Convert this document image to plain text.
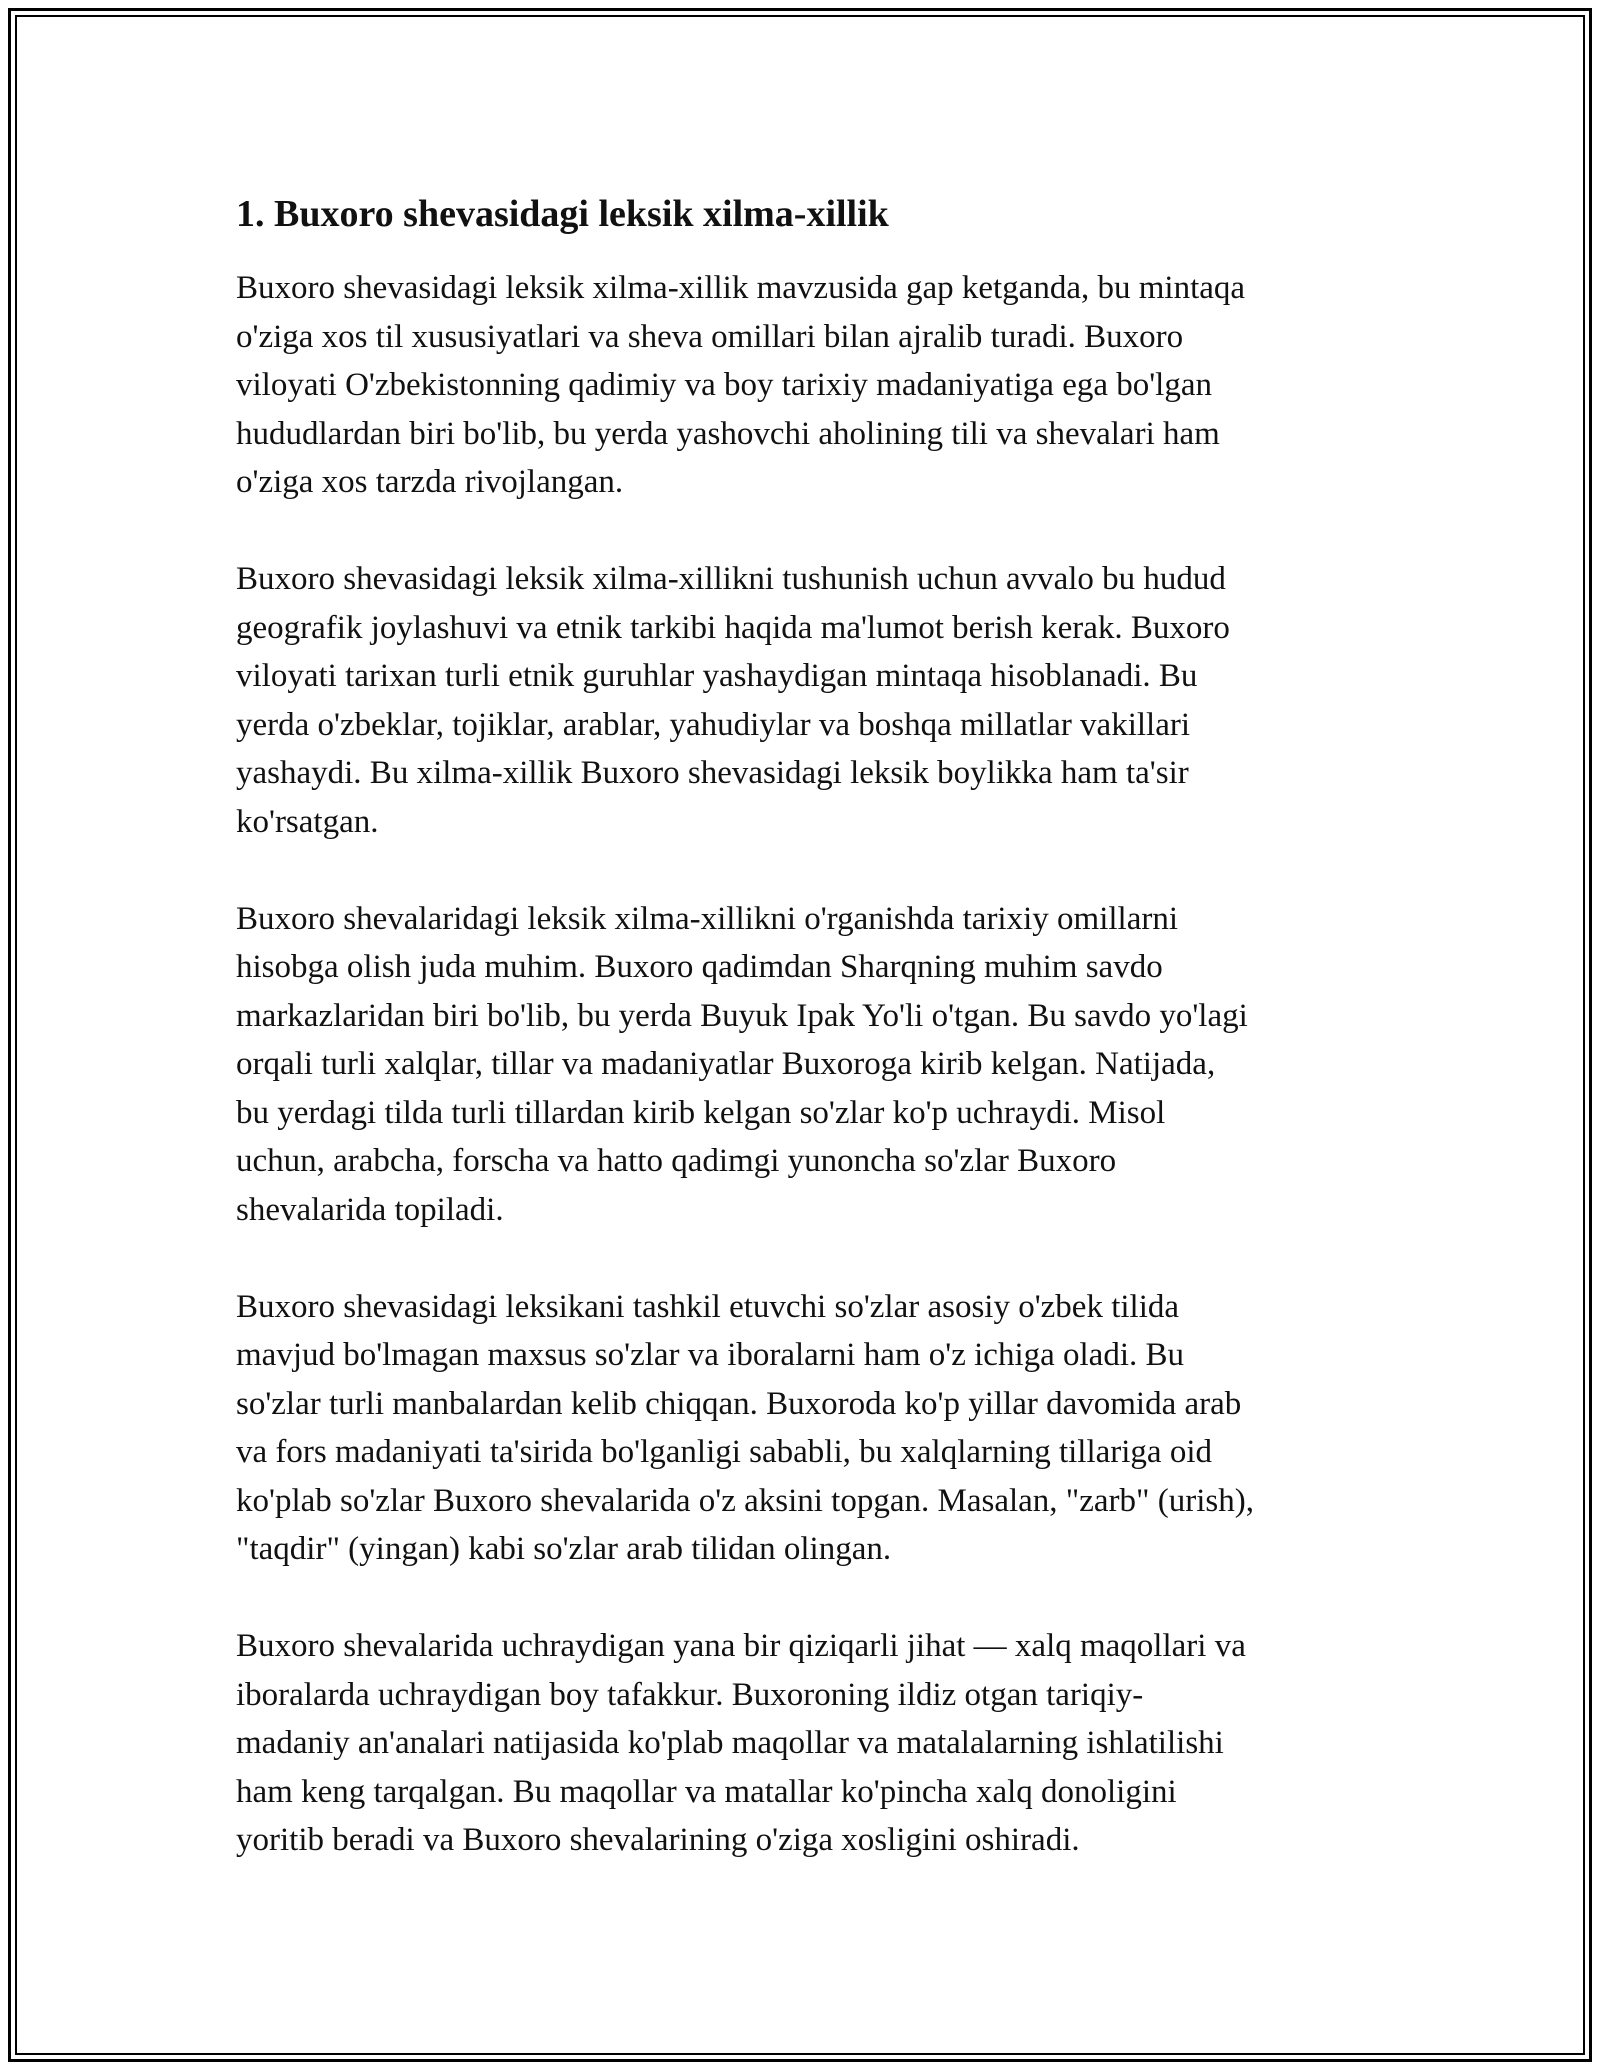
1. Buxoro shevasidagi leksik xilma-xillik

Buxoro shevasidagi leksik xilma-xillik mavzusida gap ketganda, bu mintaqa
o'ziga xos til xususiyatlari va sheva omillari bilan ajralib turadi. Buxoro
viloyati O'zbekistonning qadimiy va boy tarixiy madaniyatiga ega bo'lgan
hududlardan biri bo'lib, bu yerda yashovchi aholining tili va shevalari ham
o'ziga xos tarzda rivojlangan.

Buxoro shevasidagi leksik xilma-xillikni tushunish uchun avvalo bu hudud
geografik joylashuvi va etnik tarkibi haqida ma'lumot berish kerak. Buxoro
viloyati tarixan turli etnik guruhlar yashaydigan mintaqa hisoblanadi. Bu
yerda o'zbeklar, tojiklar, arablar, yahudiylar va boshqa millatlar vakillari
yashaydi. Bu xilma-xillik Buxoro shevasidagi leksik boylikka ham ta'sir
ko'rsatgan.

Buxoro shevalaridagi leksik xilma-xillikni o'rganishda tarixiy omillarni
hisobga olish juda muhim. Buxoro qadimdan Sharqning muhim savdo
markazlaridan biri bo'lib, bu yerda Buyuk Ipak Yo'li o'tgan. Bu savdo yo'lagi
orqali turli xalqlar, tillar va madaniyatlar Buxoroga kirib kelgan. Natijada,
bu yerdagi tilda turli tillardan kirib kelgan so'zlar ko'p uchraydi. Misol
uchun, arabcha, forscha va hatto qadimgi yunoncha so'zlar Buxoro
shevalarida topiladi.

Buxoro shevasidagi leksikani tashkil etuvchi so'zlar asosiy o'zbek tilida
mavjud bo'lmagan maxsus so'zlar va iboralarni ham o'z ichiga oladi. Bu
so'zlar turli manbalardan kelib chiqqan. Buxoroda ko'p yillar davomida arab
va fors madaniyati ta'sirida bo'lganligi sababli, bu xalqlarning tillariga oid
ko'plab so'zlar Buxoro shevalarida o'z aksini topgan. Masalan, "zarb" (urish),
"taqdir" (yingan) kabi so'zlar arab tilidan olingan.

Buxoro shevalarida uchraydigan yana bir qiziqarli jihat — xalq maqollari va
iboralarda uchraydigan boy tafakkur. Buxoroning ildiz otgan tariqiy-
madaniy an'analari natijasida ko'plab maqollar va matalalarning ishlatilishi
ham keng tarqalgan. Bu maqollar va matallar ko'pincha xalq donoligini
yoritib beradi va Buxoro shevalarining o'ziga xosligini oshiradi.
